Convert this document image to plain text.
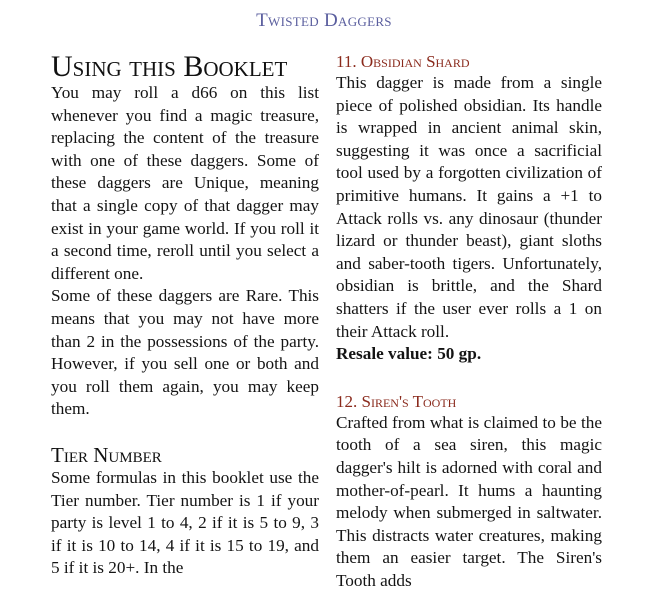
Twisted Daggers
Using this Booklet

You may roll a d66 on this list whenever you find a magic treasure, replacing the content of the treasure with one of these daggers. Some of these daggers are Unique, meaning that a single copy of that dagger may exist in your game world. If you roll it a second time, reroll until you select a different one.

Some of these daggers are Rare. This means that you may not have more than 2 in the possessions of the party. However, if you sell one or both and you roll them again, you may keep them.

Tier Number

Some formulas in this booklet use the Tier number. Tier number is 1 if your party is level 1 to 4, 2 if it is 5 to 9, 3 if it is 10 to 14, 4 if it is 15 to 19, and 5 if it is 20+. In the

11. Obsidian Shard

This dagger is made from a single piece of polished obsidian. Its handle is wrapped in ancient animal skin, suggesting it was once a sacrificial tool used by a forgotten civilization of primitive humans. It gains a +1 to Attack rolls vs. any dinosaur (thunder lizard or thunder beast), giant sloths and saber-tooth tigers. Unfortunately, obsidian is brittle, and the Shard shatters if the user ever rolls a 1 on their Attack roll.

Resale value: 50 gp.

12. Siren's Tooth

Crafted from what is claimed to be the tooth of a sea siren, this magic dagger's hilt is adorned with coral and mother-of-pearl. It hums a haunting melody when submerged in saltwater. This distracts water creatures, making them an easier target. The Siren's Tooth adds
